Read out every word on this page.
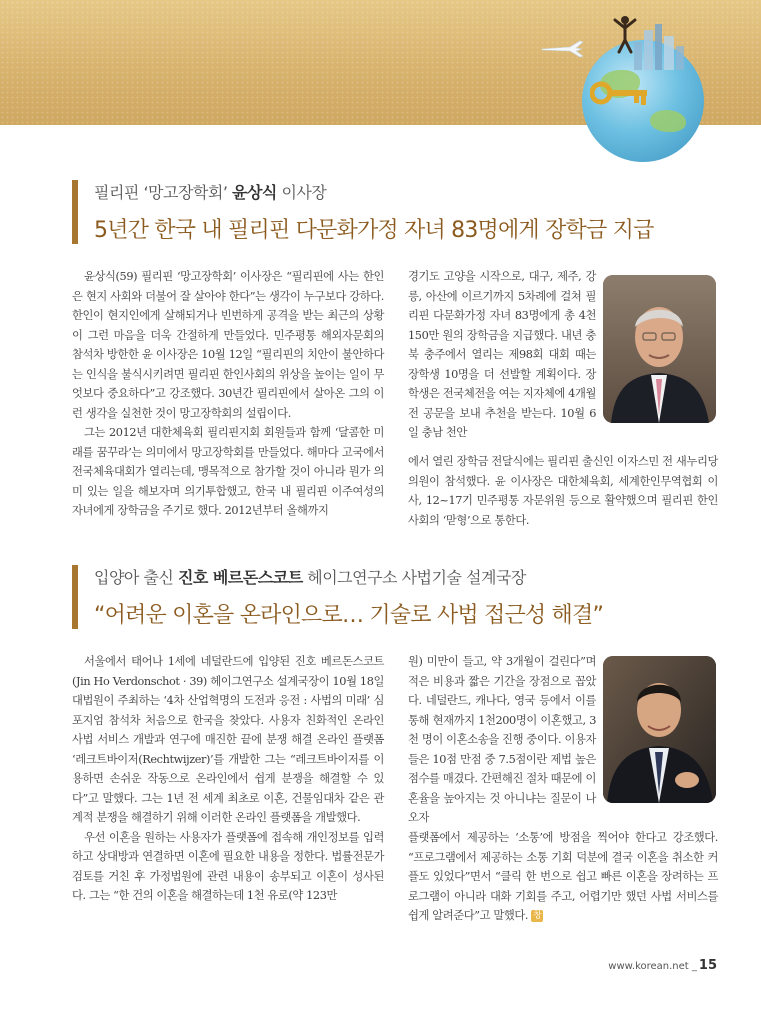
필리핀 ‘망고장학회’ 윤상식 이사장
5년간 한국 내 필리핀 다문화가정 자녀 83명에게 장학금 지급

윤상식(59) 필리핀 ‘망고장학회’ 이사장은 “필리핀에 사는 한인은 현지 사회와 더불어 잘 살아야 한다”는 생각이 누구보다 강하다. 한인이 현지인에게 살해되거나 빈번하게 공격을 받는 최근의 상황이 그런 마음을 더욱 간절하게 만들었다. 민주평통 해외자문회의 참석차 방한한 윤 이사장은 10월 12일 “필리핀의 치안이 불안하다는 인식을 불식시키려면 필리핀 한인사회의 위상을 높이는 일이 무엇보다 중요하다”고 강조했다. 30년간 필리핀에서 살아온 그의 이런 생각을 실천한 것이 망고장학회의 설립이다.

그는 2012년 대한체육회 필리핀지회 회원들과 함께 ‘달콤한 미래를 꿈꾸라’는 의미에서 망고장학회를 만들었다. 해마다 고국에서 전국체육대회가 열리는데, 맹목적으로 참가할 것이 아니라 뭔가 의미 있는 일을 해보자며 의기투합했고, 한국 내 필리핀 이주여성의 자녀에게 장학금을 주기로 했다. 2012년부터 올해까지

경기도 고양을 시작으로, 대구, 제주, 강릉, 아산에 이르기까지 5차례에 걸쳐 필리핀 다문화가정 자녀 83명에게 총 4천150만 원의 장학금을 지급했다. 내년 충북 충주에서 열리는 제98회 대회 때는 장학생 10명을 더 선발할 계획이다. 장학생은 전국체전을 여는 지자체에 4개월 전 공문을 보내 추천을 받는다. 10월 6일 충남 천안

에서 열린 장학금 전달식에는 필리핀 출신인 이자스민 전 새누리당 의원이 참석했다. 윤 이사장은 대한체육회, 세계한인무역협회 이사, 12~17기 민주평통 자문위원 등으로 활약했으며 필리핀 한인사회의 ‘맏형’으로 통한다.

입양아 출신 진호 베르돈스코트 헤이그연구소 사법기술 설계국장
“어려운 이혼을 온라인으로… 기술로 사법 접근성 해결”

서울에서 태어나 1세에 네덜란드에 입양된 진호 베르돈스코트(Jin Ho Verdonschot · 39) 헤이그연구소 설계국장이 10월 18일 대법원이 주최하는 ‘4차 산업혁명의 도전과 응전 : 사법의 미래’ 심포지엄 참석차 처음으로 한국을 찾았다. 사용자 친화적인 온라인 사법 서비스 개발과 연구에 매진한 끝에 분쟁 해결 온라인 플랫폼 ‘레크트바이저(Rechtwijzer)’를 개발한 그는 “레크트바이저를 이용하면 손쉬운 작동으로 온라인에서 쉽게 분쟁을 해결할 수 있다”고 말했다. 그는 1년 전 세계 최초로 이혼, 건물임대차 같은 관계적 분쟁을 해결하기 위해 이러한 온라인 플랫폼을 개발했다.

우선 이혼을 원하는 사용자가 플랫폼에 접속해 개인정보를 입력하고 상대방과 연결하면 이혼에 필요한 내용을 정한다. 법률전문가 검토를 거친 후 가정법원에 관련 내용이 송부되고 이혼이 성사된다. 그는 “한 건의 이혼을 해결하는데 1천 유로(약 123만

원) 미만이 들고, 약 3개월이 걸린다”며 적은 비용과 짧은 기간을 장점으로 꼽았다. 네덜란드, 캐나다, 영국 등에서 이를 통해 현재까지 1천200명이 이혼했고, 3천 명이 이혼소송을 진행 중이다. 이용자들은 10점 만점 중 7.5점이란 제법 높은 점수를 매겼다. 간편해진 절차 때문에 이혼율을 높아지는 것 아니냐는 질문이 나오자

플랫폼에서 제공하는 ‘소통’에 방점을 찍어야 한다고 강조했다. “프로그램에서 제공하는 소통 기회 덕분에 결국 이혼을 취소한 커플도 있었다”면서 “클릭 한 번으로 쉽고 빠른 이혼을 장려하는 프로그램이 아니라 대화 기회를 주고, 어렵기만 했던 사법 서비스를 쉽게 알려준다”고 말했다. 창

www.korean.net _ 15
